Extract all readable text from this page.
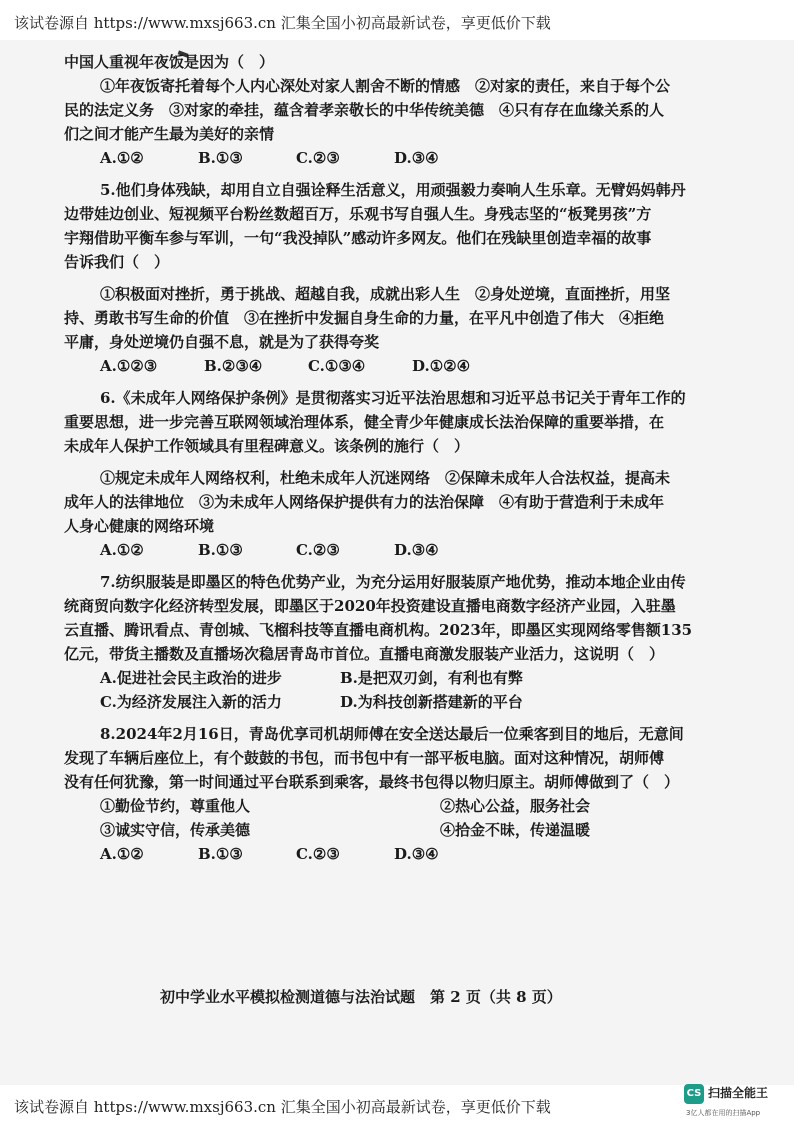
该试卷源自 https://www.mxsj663.cn 汇集全国小初高最新试卷，享更低价下载
中国人重视年夜饭是因为（　）
①年夜饭寄托着每个人内心深处对家人割舍不断的情感　②对家的责任，来自于每个公
民的法定义务　③对家的牵挂，蕴含着孝亲敬长的中华传统美德　④只有存在血缘关系的人
们之间才能产生最为美好的亲情
A.①②	B.①③	C.②③	D.③④
5.他们身体残缺，却用自立自强诠释生活意义，用顽强毅力奏响人生乐章。无臂妈妈韩丹
边带娃边创业、短视频平台粉丝数超百万，乐观书写自强人生。身残志坚的“板凳男孩”方
宇翔借助平衡车参与军训，一句“我没掉队”感动许多网友。他们在残缺里创造幸福的故事
告诉我们（　）
①积极面对挫折，勇于挑战、超越自我，成就出彩人生　②身处逆境，直面挫折，用坚
持、勇敢书写生命的价值　③在挫折中发掘自身生命的力量，在平凡中创造了伟大　④拒绝
平庸，身处逆境仍自强不息，就是为了获得夸奖
A.①②③	B.②③④	C.①③④	D.①②④
6.《未成年人网络保护条例》是贯彻落实习近平法治思想和习近平总书记关于青年工作的
重要思想，进一步完善互联网领域治理体系，健全青少年健康成长法治保障的重要举措，在
未成年人保护工作领域具有里程碑意义。该条例的施行（　）
①规定未成年人网络权利，杜绝未成年人沉迷网络　②保障未成年人合法权益，提高未
成年人的法律地位　③为未成年人网络保护提供有力的法治保障　④有助于营造利于未成年
人身心健康的网络环境
A.①②	B.①③	C.②③	D.③④
7.纺织服装是即墨区的特色优势产业，为充分运用好服装原产地优势，推动本地企业由传
统商贸向数字化经济转型发展，即墨区于2020年投资建设直播电商数字经济产业园，入驻墨
云直播、腾讯看点、青创城、飞榴科技等直播电商机构。2023年，即墨区实现网络零售额135
亿元，带货主播数及直播场次稳居青岛市首位。直播电商激发服装产业活力，这说明（　）
A.促进社会民主政治的进步	B.是把双刃剑，有利也有弊
C.为经济发展注入新的活力	D.为科技创新搭建新的平台
8.2024年2月16日，青岛优享司机胡师傅在安全送达最后一位乘客到目的地后，无意间
发现了车辆后座位上，有个鼓鼓的书包，而书包中有一部平板电脑。面对这种情况，胡师傅
没有任何犹豫，第一时间通过平台联系到乘客，最终书包得以物归原主。胡师傅做到了（　）
①勤俭节约，尊重他人	②热心公益，服务社会
③诚实守信，传承美德	④拾金不昧，传递温暖
A.①②	B.①③	C.②③	D.③④
初中学业水平模拟检测道德与法治试题　第 2 页（共 8 页）
该试卷源自 https://www.mxsj663.cn 汇集全国小初高最新试卷，享更低价下载
CS 扫描全能王
3亿人都在用的扫描App
